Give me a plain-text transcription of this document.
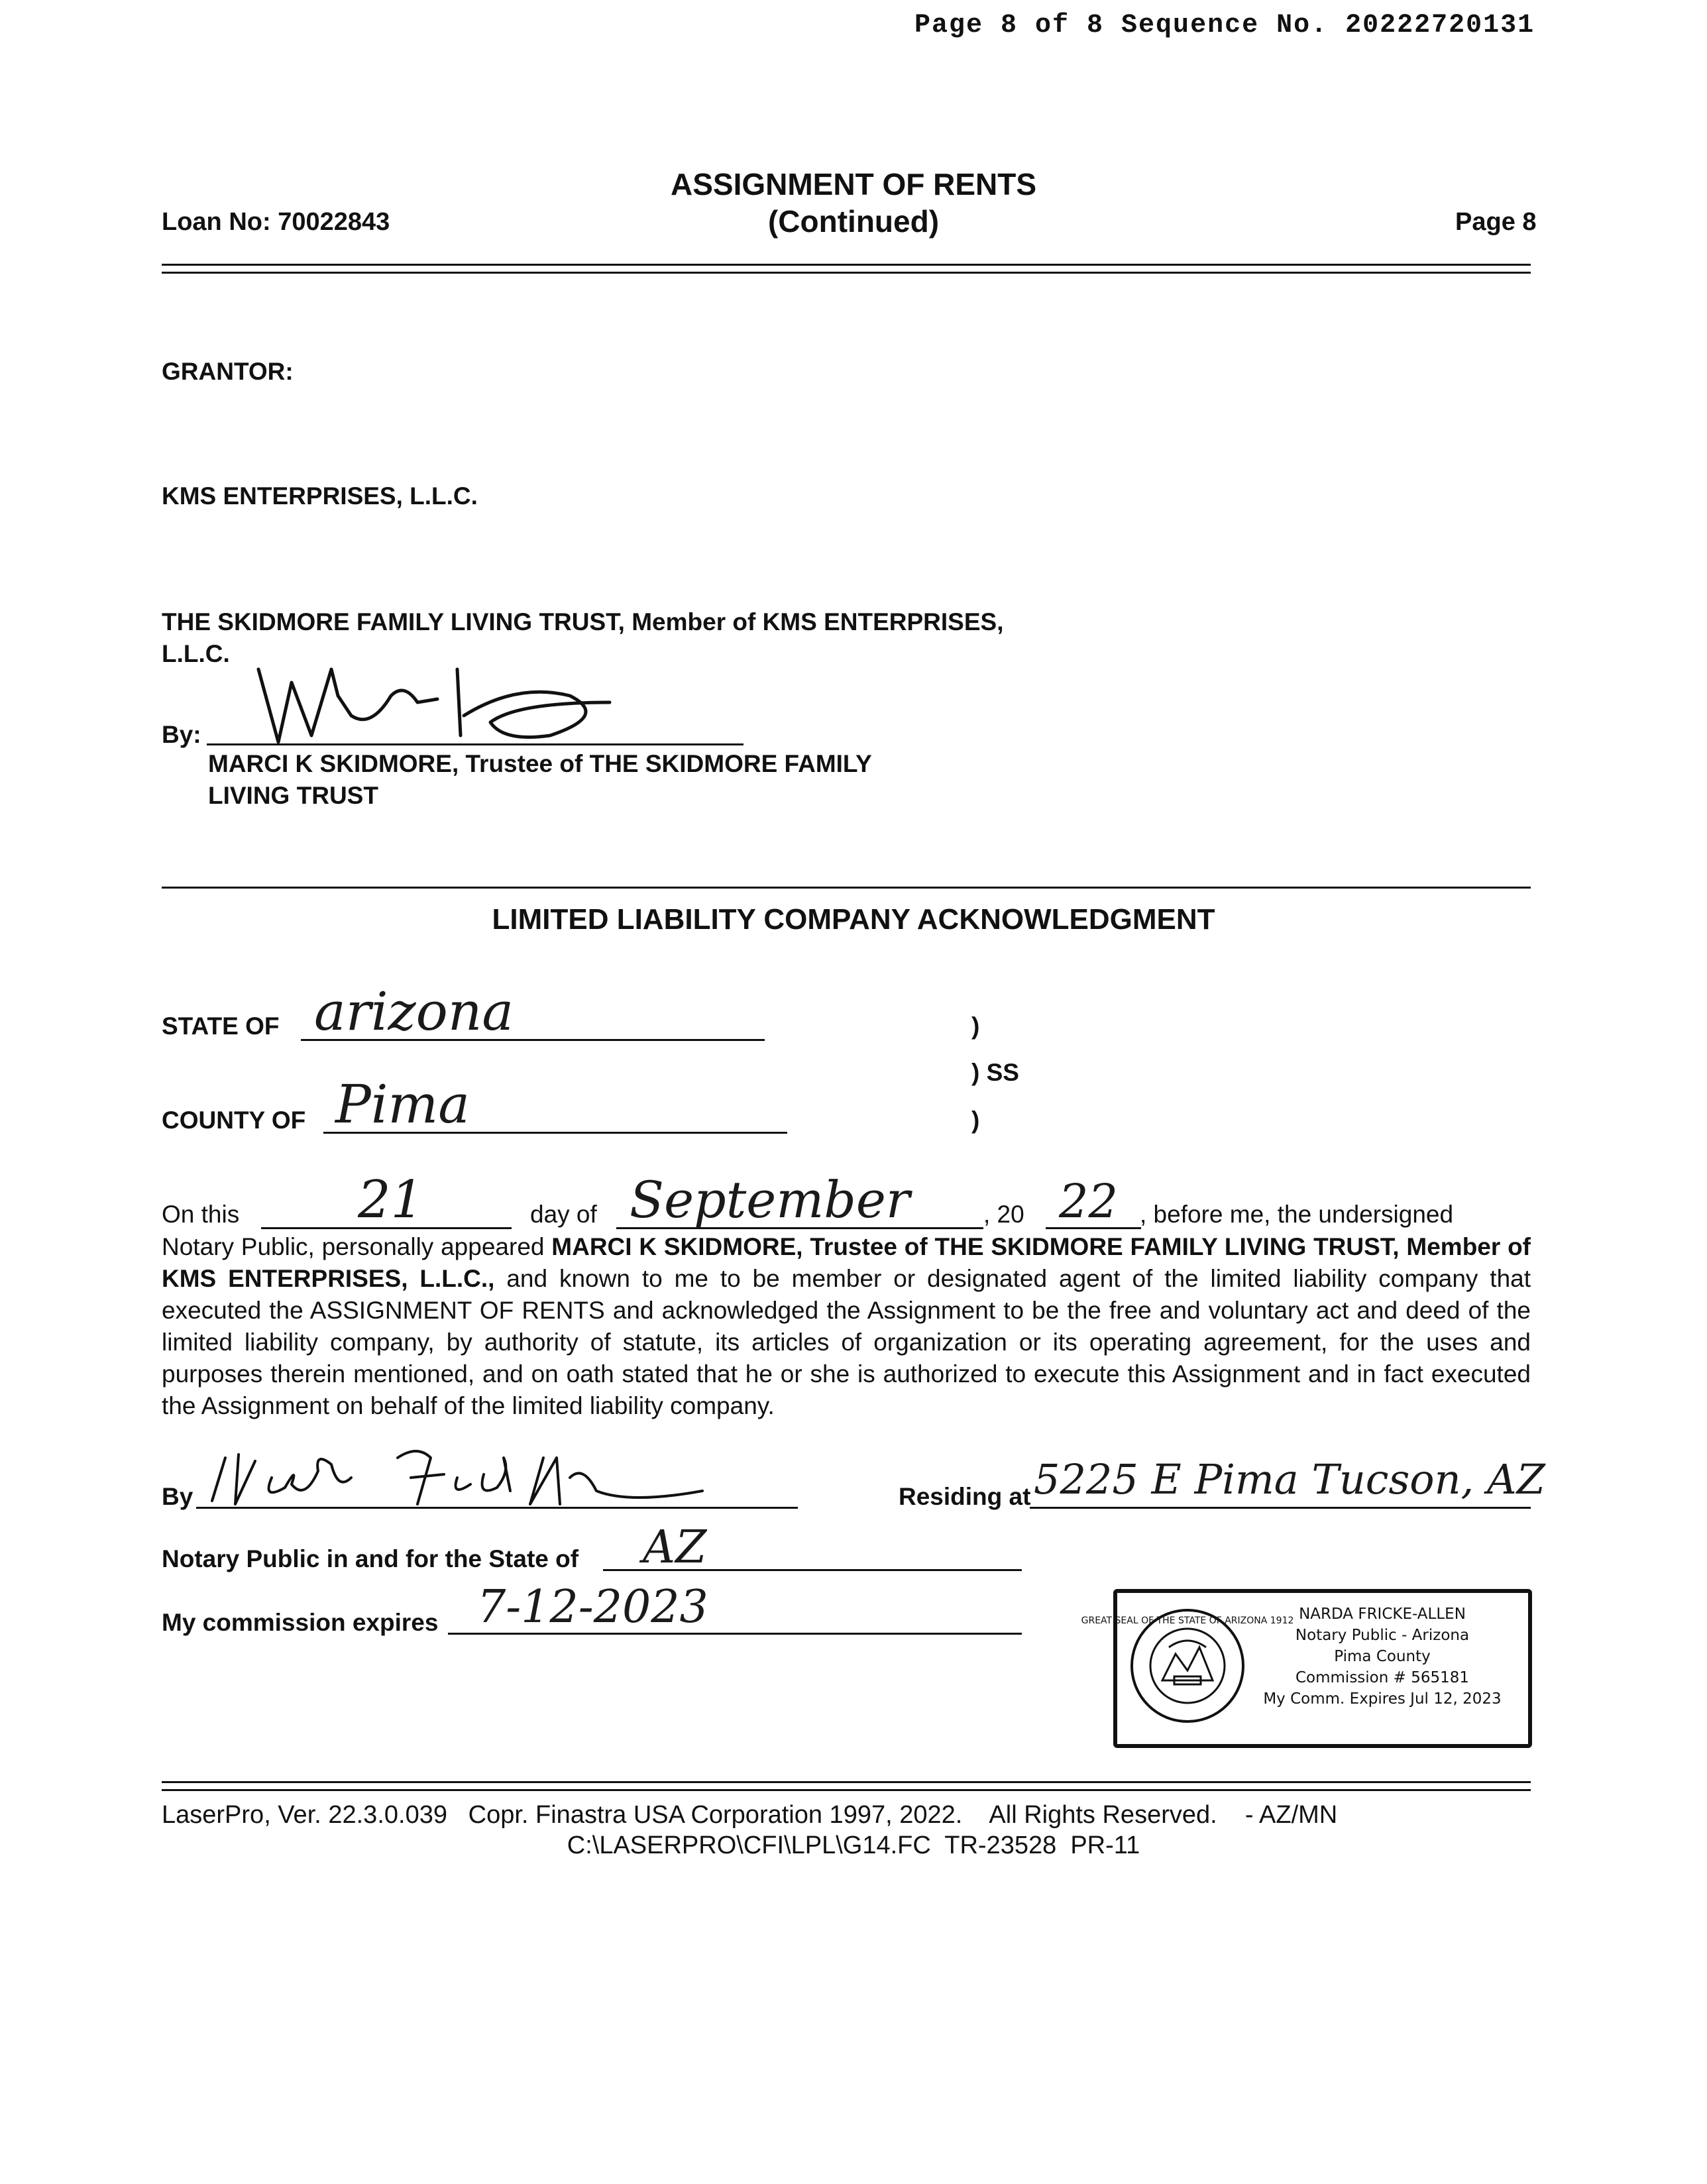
Page 8 of 8 Sequence No. 20222720131
ASSIGNMENT OF RENTS
(Continued)
Loan No: 70022843	Page 8
GRANTOR:
KMS ENTERPRISES, L.L.C.
THE SKIDMORE FAMILY LIVING TRUST, Member of KMS ENTERPRISES,
L.L.C.
By:
MARCI K SKIDMORE, Trustee of THE SKIDMORE FAMILY
LIVING TRUST
LIMITED LIABILITY COMPANY ACKNOWLEDGMENT
STATE OF arizona	)
) SS
)
COUNTY OF Pima
On this 21	day of September	, 20 22 , before me, the undersigned
Notary Public, personally appeared MARCI K SKIDMORE, Trustee of THE SKIDMORE FAMILY LIVING TRUST, Member of KMS ENTERPRISES, L.L.C., and known to me to be member or designated agent of the limited liability company that executed the ASSIGNMENT OF RENTS and acknowledged the Assignment to be the free and voluntary act and deed of the limited liability company, by authority of statute, its articles of organization or its operating agreement, for the uses and purposes therein mentioned, and on oath stated that he or she is authorized to execute this Assignment and in fact executed the Assignment on behalf of the limited liability company.
By	Residing at 5225 E Pima Tucson, AZ
Notary Public in and for the State of AZ
My commission expires 7-12-2023	GREAT SEAL OF THE STATE OF ARIZONA 1912 NARDA FRICKE-ALLEN
Notary Public - Arizona
Pima County
Commission # 565181
My Comm. Expires Jul 12, 2023
LaserPro, Ver. 22.3.0.039   Copr. Finastra USA Corporation 1997, 2022.    All Rights Reserved.    - AZ/MN
C:\LASERPRO\CFI\LPL\G14.FC  TR-23528  PR-11
